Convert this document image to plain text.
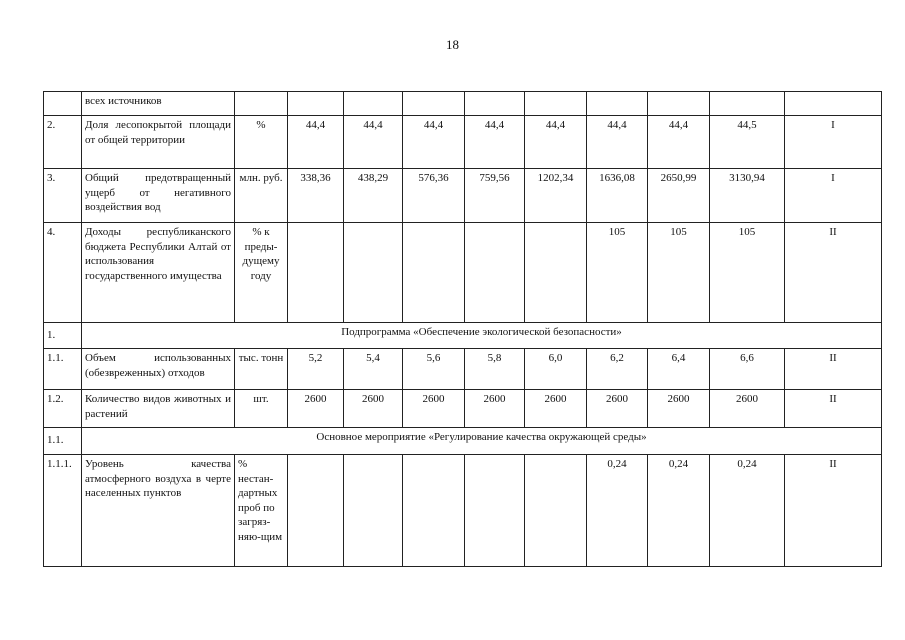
18
	всех источников										
2.	Доля лесопокрытой площади от общей территории	%	44,4	44,4	44,4	44,4	44,4	44,4	44,4	44,5	I
3.	Общий предотвращенный ущерб от негативного воздействия вод	млн. руб.	338,36	438,29	576,36	759,56	1202,34	1636,08	2650,99	3130,94	I
4.	Доходы республиканского бюджета Республики Алтай от использования государственного имущества	% к преды-дущему году						105	105	105	II
1.	Подпрограмма «Обеспечение экологической безопасности»										
1.1.	Объем использованных (обезвреженных) отходов	тыс. тонн	5,2	5,4	5,6	5,8	6,0	6,2	6,4	6,6	II
1.2.	Количество видов животных и растений	шт.	2600	2600	2600	2600	2600	2600	2600	2600	II
1.1.	Основное мероприятие «Регулирование качества окружающей среды»										
1.1.1.	Уровень качества атмосферного воздуха в черте населенных пунктов	% нестан-дартных проб по загряз-няю-щим						0,24	0,24	0,24	II
